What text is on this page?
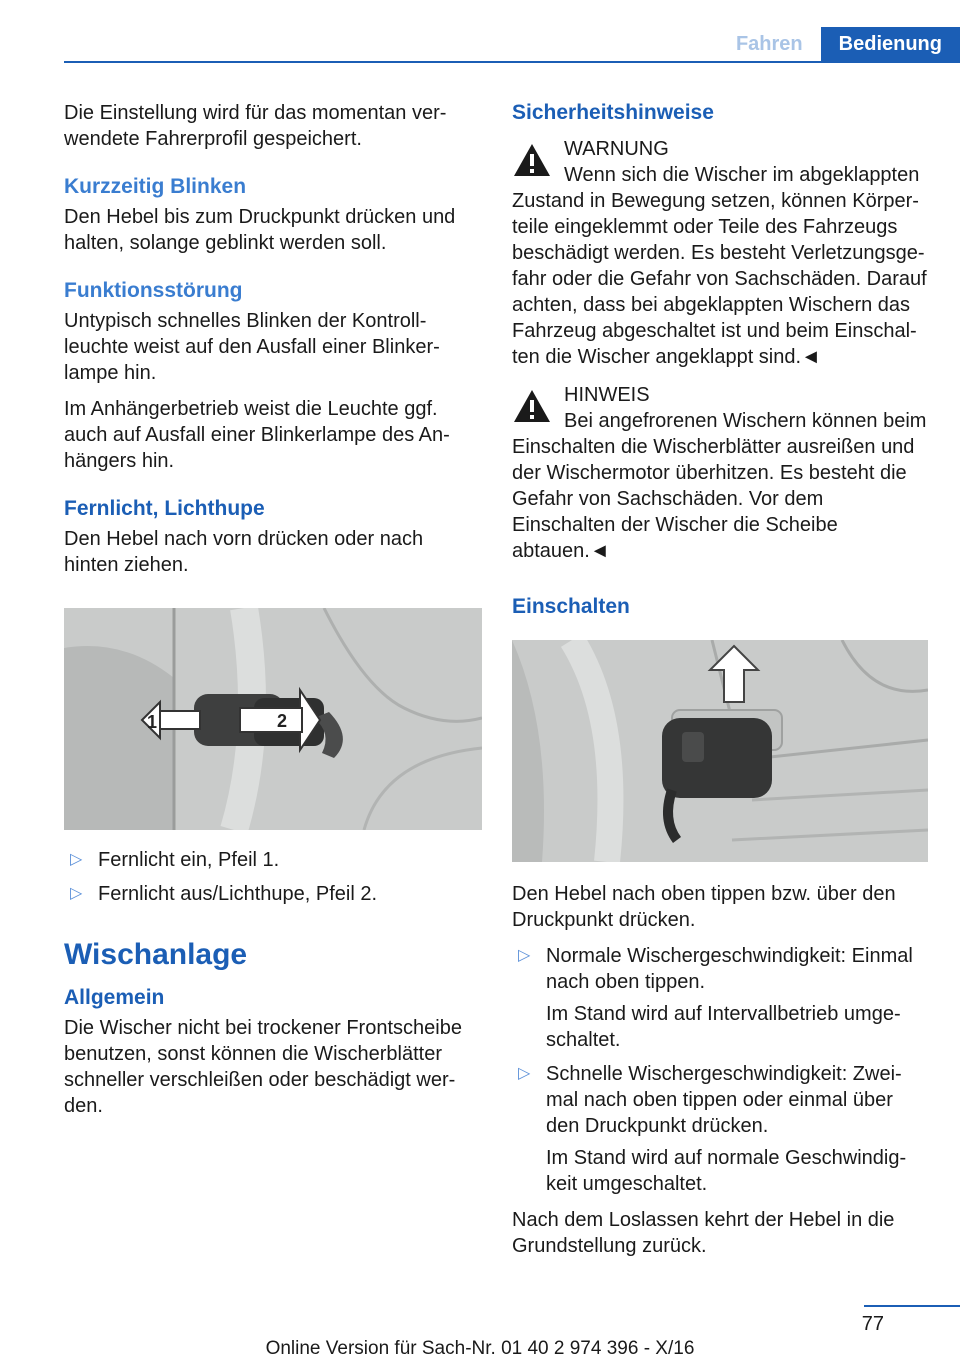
Fahren	Bedienung

Die Einstellung wird für das momentan ver-wendete Fahrerprofil gespeichert.

Kurzzeitig Blinken

Den Hebel bis zum Druckpunkt drücken und halten, solange geblinkt werden soll.

Funktionsstörung

Untypisch schnelles Blinken der Kontroll-leuchte weist auf den Ausfall einer Blinker-lampe hin.

Im Anhängerbetrieb weist die Leuchte ggf. auch auf Ausfall einer Blinkerlampe des An-hängers hin.

Fernlicht, Lichthupe

Den Hebel nach vorn drücken oder nach hinten ziehen.

1	2
▷ Fernlicht ein, Pfeil 1.
▷ Fernlicht aus/Lichthupe, Pfeil 2.
Wischanlage
Allgemein

Die Wischer nicht bei trockener Frontscheibe benutzen, sonst können die Wischerblätter schneller verschleißen oder beschädigt wer-den.

Sicherheitshinweise
WARNUNG
Wenn sich die Wischer im abgeklappten Zustand in Bewegung setzen, können Körper-teile eingeklemmt oder Teile des Fahrzeugs beschädigt werden. Es besteht Verletzungsge-fahr oder die Gefahr von Sachschäden. Darauf achten, dass bei abgeklappten Wischern das Fahrzeug abgeschaltet ist und beim Einschal-ten die Wischer angeklappt sind.◄
HINWEIS
Bei angefrorenen Wischern können beim Einschalten die Wischerblätter ausreißen und der Wischermotor überhitzen. Es besteht die Gefahr von Sachschäden. Vor dem Einschalten der Wischer die Scheibe abtauen.◄
Einschalten

Den Hebel nach oben tippen bzw. über den Druckpunkt drücken.

▷ Normale Wischergeschwindigkeit: Einmal nach oben tippen.
Im Stand wird auf Intervallbetrieb umge-schaltet.
▷ Schnelle Wischergeschwindigkeit: Zwei-mal nach oben tippen oder einmal über den Druckpunkt drücken.
Im Stand wird auf normale Geschwindig-keit umgeschaltet.

Nach dem Loslassen kehrt der Hebel in die Grundstellung zurück.

77
Online Version für Sach-Nr. 01 40 2 974 396 - X/16
